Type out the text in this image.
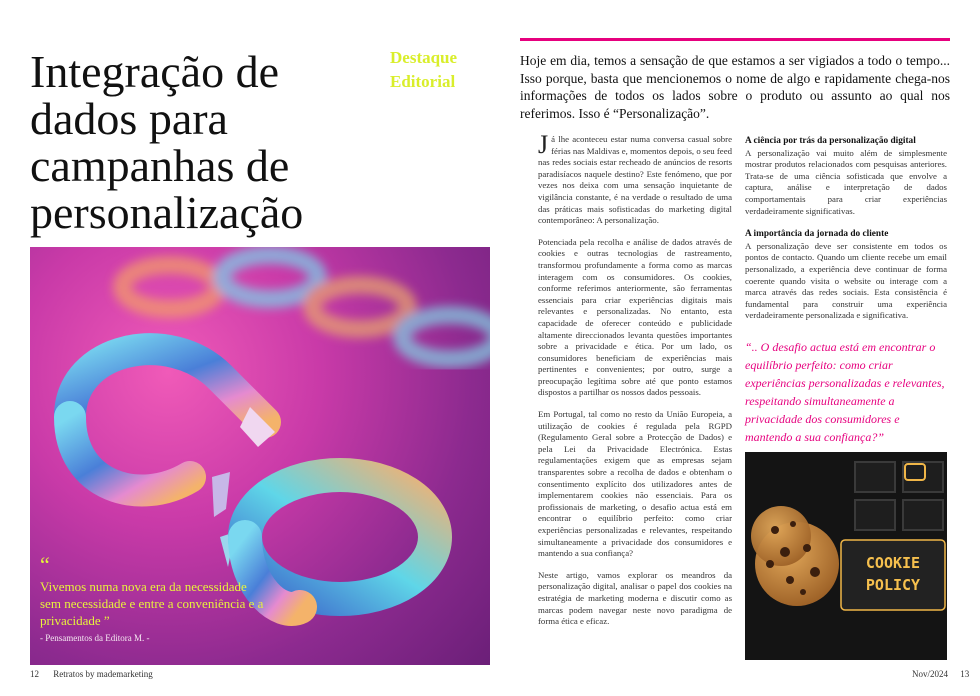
Integração de
dados para
campanhas de
personalização
Destaque
Editorial
“
Vivemos numa nova era da necessidade sem necessidade e entre a conveniência e a privacidade ”
- Pensamentos da Editora M. -
12 Retratos by mademarketing
Hoje em dia, temos a sensação de que estamos a ser vigiados a todo o tempo... Isso porque, basta que mencionemos o nome de algo e rapidamente chega-nos informações de todos os lados sobre o produto ou assunto ao qual nos referimos. Isso é “Personalização”.

Já lhe aconteceu estar numa conversa casual sobre férias nas Maldivas e, momentos depois, o seu feed nas redes sociais estar recheado de anúncios de resorts paradisíacos naquele destino? Este fenómeno, que por vezes nos deixa com uma sensação inquietante de vigilância constante, é na verdade o resultado de uma das práticas mais sofisticadas do marketing digital contemporâneo: A personalização.

Potenciada pela recolha e análise de dados através de cookies e outras tecnologias de rastreamento, transformou profundamente a forma como as marcas interagem com os consumidores. Os cookies, conforme referimos anteriormente, são ferramentas essenciais para criar experiências digitais mais relevantes e personalizadas. No entanto, esta capacidade de oferecer conteúdo e publicidade altamente direccionados levanta questões importantes sobre a privacidade e ética. Por um lado, os consumidores beneficiam de experiências mais pertinentes e convenientes; por outro, surge a preocupação legítima sobre até que ponto estamos dispostos a partilhar os nossos dados pessoais.

Em Portugal, tal como no resto da União Europeia, a utilização de cookies é regulada pela RGPD (Regulamento Geral sobre a Protecção de Dados) e pela Lei da Privacidade Electrónica. Estas regulamentações exigem que as empresas sejam transparentes sobre a recolha de dados e obtenham o consentimento explícito dos utilizadores antes de implementarem cookies não essenciais. Para os profissionais de marketing, o desafio actua está em encontrar o equilíbrio perfeito: como criar experiências personalizadas e relevantes, respeitando simultaneamente a privacidade dos consumidores e mantendo a sua confiança?

Neste artigo, vamos explorar os meandros da personalização digital, analisar o papel dos cookies na estratégia de marketing moderna e discutir como as marcas podem navegar neste novo paradigma de forma ética e eficaz.

A ciência por trás da personalização digital

A personalização vai muito além de simplesmente mostrar produtos relacionados com pesquisas anteriores. Trata-se de uma ciência sofisticada que envolve a captura, análise e interpretação de dados comportamentais para criar experiências verdadeiramente significativas.

A importância da jornada do cliente

A personalização deve ser consistente em todos os pontos de contacto. Quando um cliente recebe um email personalizado, a experiência deve continuar de forma coerente quando visita o website ou interage com a marca através das redes sociais. Esta consistência é fundamental para construir uma experiência verdadeiramente personalizada e significativa.

“.. O desafio actua está em encontrar o equilíbrio perfeito: como criar experiências personalizadas e relevantes, respeitando simultaneamente a privacidade dos consumidores e mantendo a sua confiança?”
COOKIE
POLICY
Nov/2024 13
